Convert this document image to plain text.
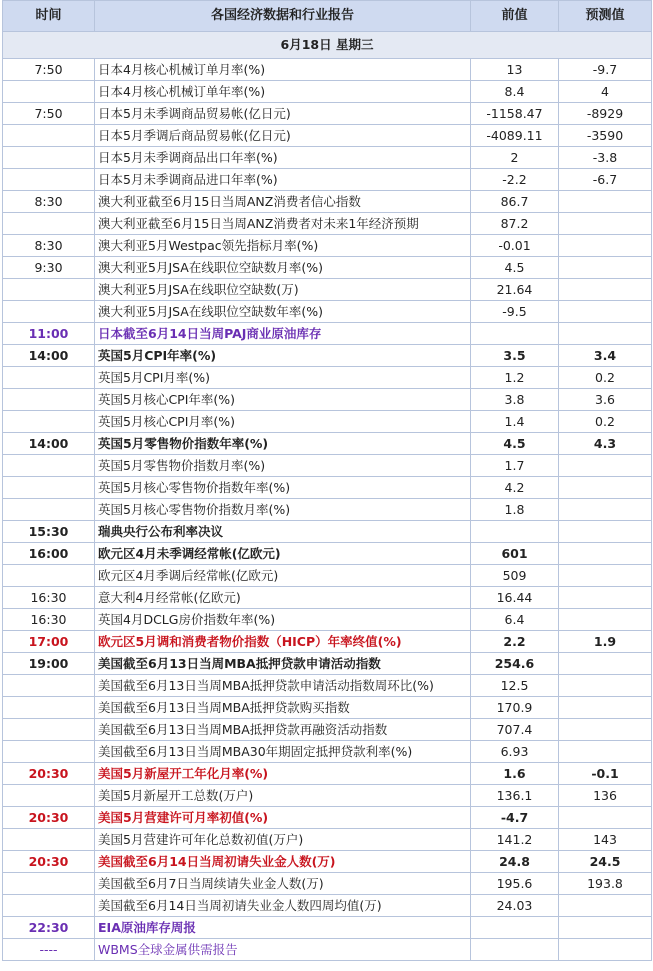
时间	各国经济数据和行业报告	前值	预测值
6月18日 星期三			
7:50	日本4月核心机械订单月率(%)	13	-9.7
	日本4月核心机械订单年率(%)	8.4	4
7:50	日本5月未季调商品贸易帐(亿日元)	-1158.47	-8929
	日本5月季调后商品贸易帐(亿日元)	-4089.11	-3590
	日本5月未季调商品出口年率(%)	2	-3.8
	日本5月未季调商品进口年率(%)	-2.2	-6.7
8:30	澳大利亚截至6月15日当周ANZ消费者信心指数	86.7	
	澳大利亚截至6月15日当周ANZ消费者对未来1年经济预期	87.2	
8:30	澳大利亚5月Westpac领先指标月率(%)	-0.01	
9:30	澳大利亚5月JSA在线职位空缺数月率(%)	4.5	
	澳大利亚5月JSA在线职位空缺数(万)	21.64	
	澳大利亚5月JSA在线职位空缺数年率(%)	-9.5	
11:00	日本截至6月14日当周PAJ商业原油库存		
14:00	英国5月CPI年率(%)	3.5	3.4
	英国5月CPI月率(%)	1.2	0.2
	英国5月核心CPI年率(%)	3.8	3.6
	英国5月核心CPI月率(%)	1.4	0.2
14:00	英国5月零售物价指数年率(%)	4.5	4.3
	英国5月零售物价指数月率(%)	1.7	
	英国5月核心零售物价指数年率(%)	4.2	
	英国5月核心零售物价指数月率(%)	1.8	
15:30	瑞典央行公布利率决议		
16:00	欧元区4月未季调经常帐(亿欧元)	601	
	欧元区4月季调后经常帐(亿欧元)	509	
16:30	意大利4月经常帐(亿欧元)	16.44	
16:30	英国4月DCLG房价指数年率(%)	6.4	
17:00	欧元区5月调和消费者物价指数（HICP）年率终值(%)	2.2	1.9
19:00	美国截至6月13日当周MBA抵押贷款申请活动指数	254.6	
	美国截至6月13日当周MBA抵押贷款申请活动指数周环比(%)	12.5	
	美国截至6月13日当周MBA抵押贷款购买指数	170.9	
	美国截至6月13日当周MBA抵押贷款再融资活动指数	707.4	
	美国截至6月13日当周MBA30年期固定抵押贷款利率(%)	6.93	
20:30	美国5月新屋开工年化月率(%)	1.6	-0.1
	美国5月新屋开工总数(万户)	136.1	136
20:30	美国5月营建许可月率初值(%)	-4.7	
	美国5月营建许可年化总数初值(万户)	141.2	143
20:30	美国截至6月14日当周初请失业金人数(万)	24.8	24.5
	美国截至6月7日当周续请失业金人数(万)	195.6	193.8
	美国截至6月14日当周初请失业金人数四周均值(万)	24.03	
22:30	EIA原油库存周报		
----	WBMS全球金属供需报告		
